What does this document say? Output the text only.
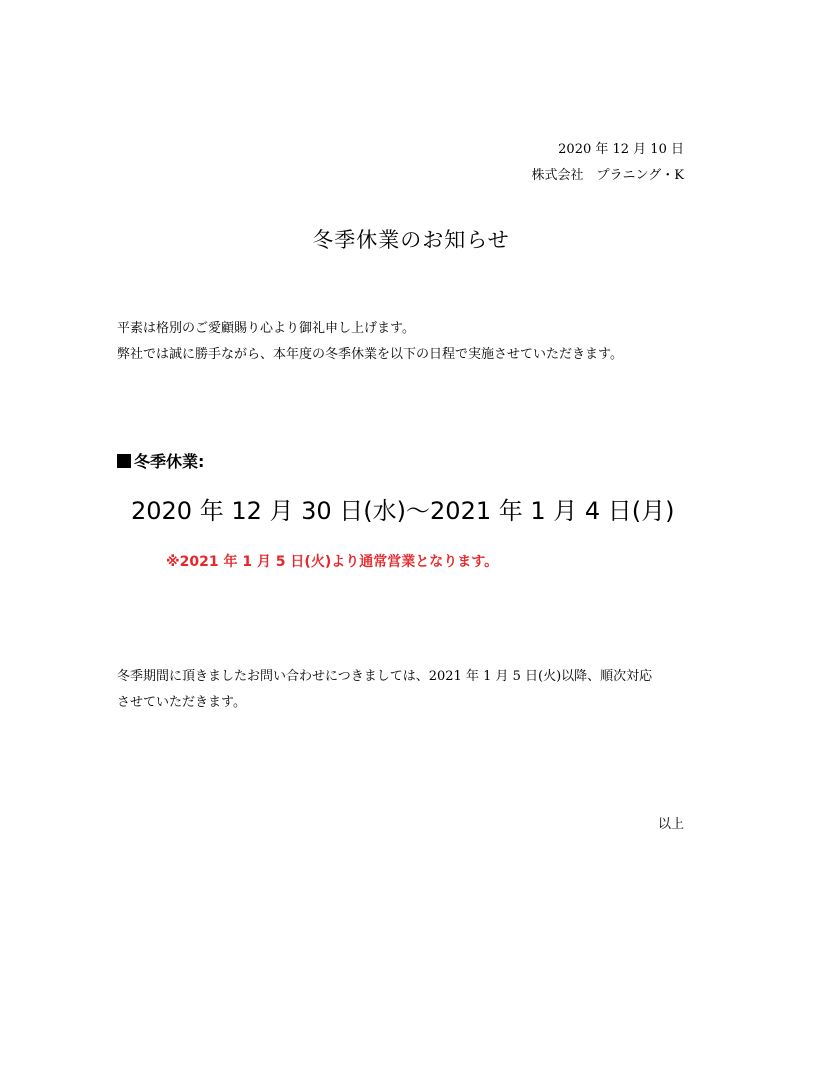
2020 年 12 月 10 日
株式会社　プラニング・K
冬季休業のお知らせ
平素は格別のご愛顧賜り心より御礼申し上げます。
弊社では誠に勝手ながら、本年度の冬季休業を以下の日程で実施させていただきます。
冬季休業:
2020 年 12 月 30 日(水)～2021 年 1 月 4 日(月)
※2021 年 1 月 5 日(火)より通常営業となります。
冬季期間に頂きましたお問い合わせにつきましては、2021 年 1 月 5 日(火)以降、順次対応
させていただきます。
以上
